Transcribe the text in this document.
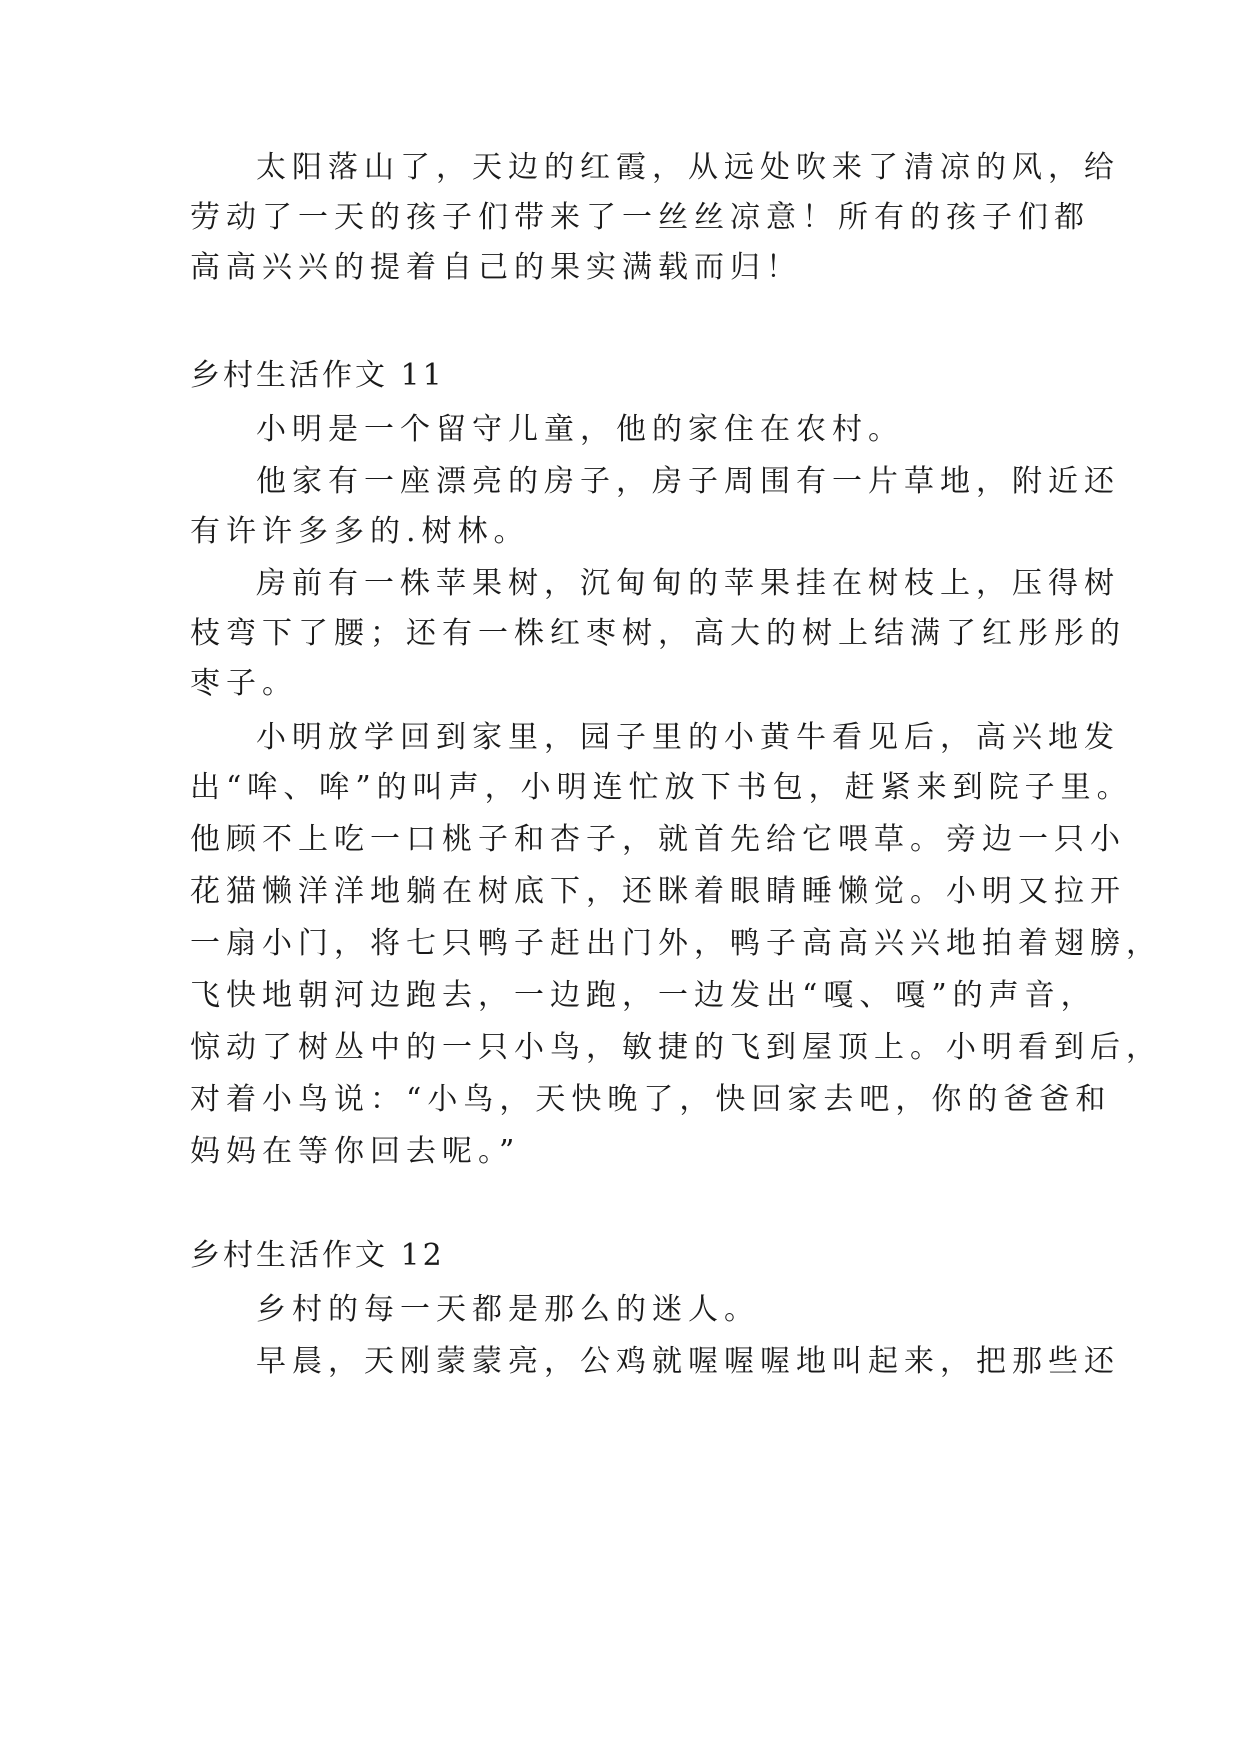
太阳落山了，天边的红霞，从远处吹来了清凉的风，给
劳动了一天的孩子们带来了一丝丝凉意！所有的孩子们都
高高兴兴的提着自己的果实满载而归！
乡村生活作文 11
小明是一个留守儿童，他的家住在农村。
他家有一座漂亮的房子，房子周围有一片草地，附近还
有许许多多的.树林。
房前有一株苹果树，沉甸甸的苹果挂在树枝上，压得树
枝弯下了腰；还有一株红枣树，高大的树上结满了红彤彤的
枣子。
小明放学回到家里，园子里的小黄牛看见后，高兴地发
出“哞、哞”的叫声，小明连忙放下书包，赶紧来到院子里。
他顾不上吃一口桃子和杏子，就首先给它喂草。旁边一只小
花猫懒洋洋地躺在树底下，还眯着眼睛睡懒觉。小明又拉开
一扇小门，将七只鸭子赶出门外，鸭子高高兴兴地拍着翅膀，
飞快地朝河边跑去，一边跑，一边发出“嘎、嘎”的声音，
惊动了树丛中的一只小鸟，敏捷的飞到屋顶上。小明看到后，
对着小鸟说：“小鸟，天快晚了，快回家去吧，你的爸爸和
妈妈在等你回去呢。”
乡村生活作文 12
乡村的每一天都是那么的迷人。
早晨，天刚蒙蒙亮，公鸡就喔喔喔地叫起来，把那些还
